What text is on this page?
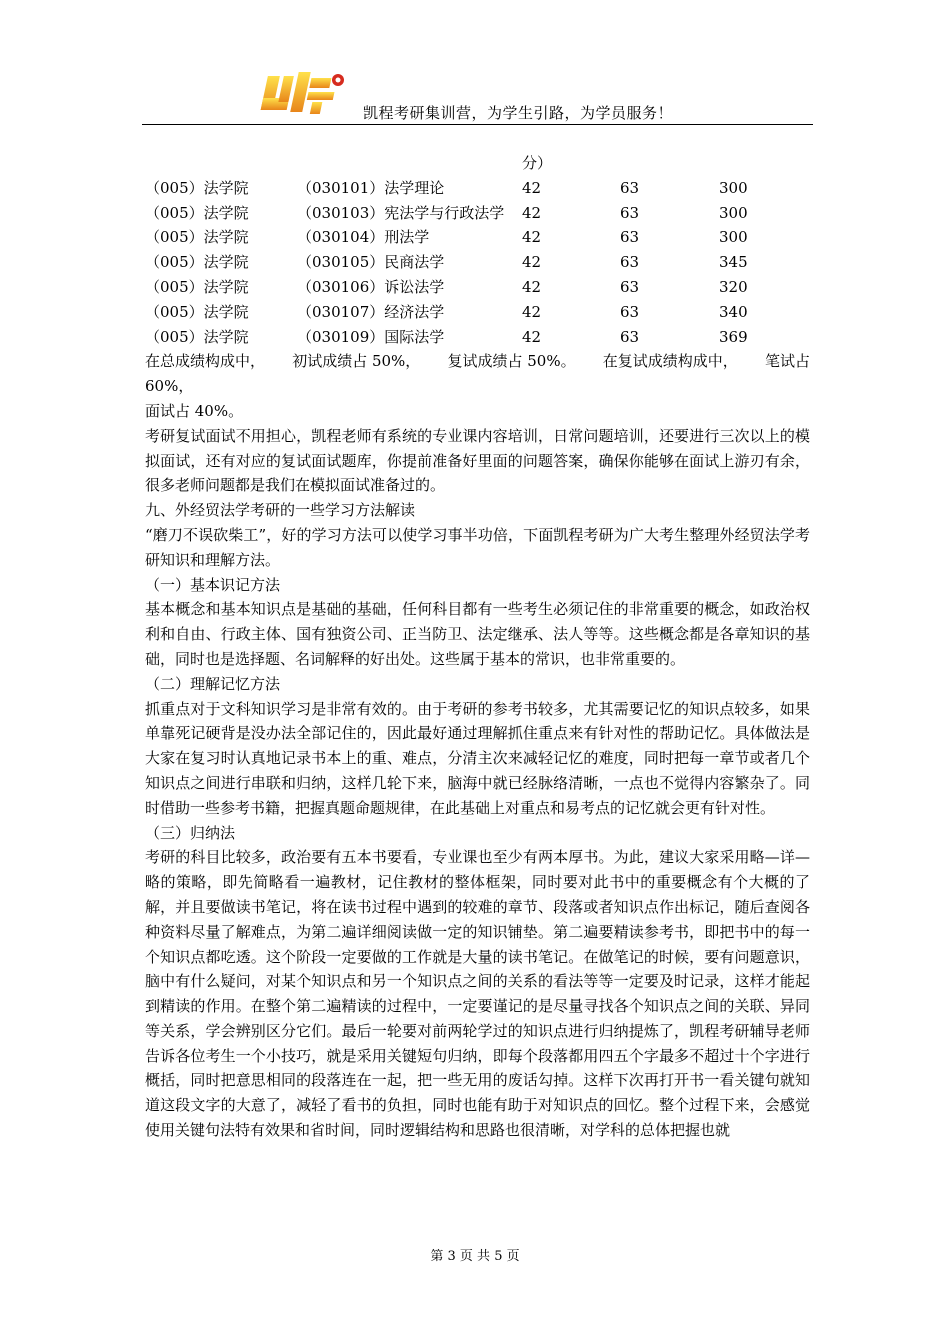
凯程考研集训营，为学生引路，为学员服务！
分）
（005）法学院	（030101）法学理论	42	63	300
（005）法学院	（030103）宪法学与行政法学 42	63	300
（005）法学院	（030104）刑法学	42	63	300
（005）法学院	（030105）民商法学	42	63	345
（005）法学院	（030106）诉讼法学	42	63	320
（005）法学院	（030107）经济法学	42	63	340
（005）法学院	（030109）国际法学	42	63	369
在总成绩构成中， 初试成绩占 50%， 复试成绩占 50%。 在复试成绩构成中， 笔试占
60%，
面试占 40%。

考研复试面试不用担心，凯程老师有系统的专业课内容培训，日常问题培训，还要进行三次以上的模拟面试，还有对应的复试面试题库，你提前准备好里面的问题答案，确保你能够在面试上游刃有余，很多老师问题都是我们在模拟面试准备过的。

九、外经贸法学考研的一些学习方法解读

“磨刀不误砍柴工”，好的学习方法可以使学习事半功倍，下面凯程考研为广大考生整理外经贸法学考研知识和理解方法。

（一）基本识记方法

基本概念和基本知识点是基础的基础，任何科目都有一些考生必须记住的非常重要的概念，如政治权利和自由、行政主体、国有独资公司、正当防卫、法定继承、法人等等。这些概念都是各章知识的基础，同时也是选择题、名词解释的好出处。这些属于基本的常识，也非常重要的。

（二）理解记忆方法

抓重点对于文科知识学习是非常有效的。由于考研的参考书较多，尤其需要记忆的知识点较多，如果单靠死记硬背是没办法全部记住的，因此最好通过理解抓住重点来有针对性的帮助记忆。具体做法是大家在复习时认真地记录书本上的重、难点，分清主次来减轻记忆的难度，同时把每一章节或者几个知识点之间进行串联和归纳，这样几轮下来，脑海中就已经脉络清晰，一点也不觉得内容繁杂了。同时借助一些参考书籍，把握真题命题规律，在此基础上对重点和易考点的记忆就会更有针对性。

（三）归纳法

考研的科目比较多，政治要有五本书要看，专业课也至少有两本厚书。为此，建议大家采用略—详—略的策略，即先简略看一遍教材，记住教材的整体框架，同时要对此书中的重要概念有个大概的了解，并且要做读书笔记，将在读书过程中遇到的较难的章节、段落或者知识点作出标记，随后查阅各种资料尽量了解难点，为第二遍详细阅读做一定的知识铺垫。第二遍要精读参考书，即把书中的每一个知识点都吃透。这个阶段一定要做的工作就是大量的读书笔记。在做笔记的时候，要有问题意识，脑中有什么疑问，对某个知识点和另一个知识点之间的关系的看法等等一定要及时记录，这样才能起到精读的作用。在整个第二遍精读的过程中，一定要谨记的是尽量寻找各个知识点之间的关联、异同等关系，学会辨别区分它们。最后一轮要对前两轮学过的知识点进行归纳提炼了，凯程考研辅导老师告诉各位考生一个小技巧，就是采用关键短句归纳，即每个段落都用四五个字最多不超过十个字进行概括，同时把意思相同的段落连在一起，把一些无用的废话勾掉。这样下次再打开书一看关键句就知道这段文字的大意了，减轻了看书的负担，同时也能有助于对知识点的回忆。整个过程下来，会感觉使用关键句法特有效果和省时间，同时逻辑结构和思路也很清晰，对学科的总体把握也就

第 3 页 共 5 页
